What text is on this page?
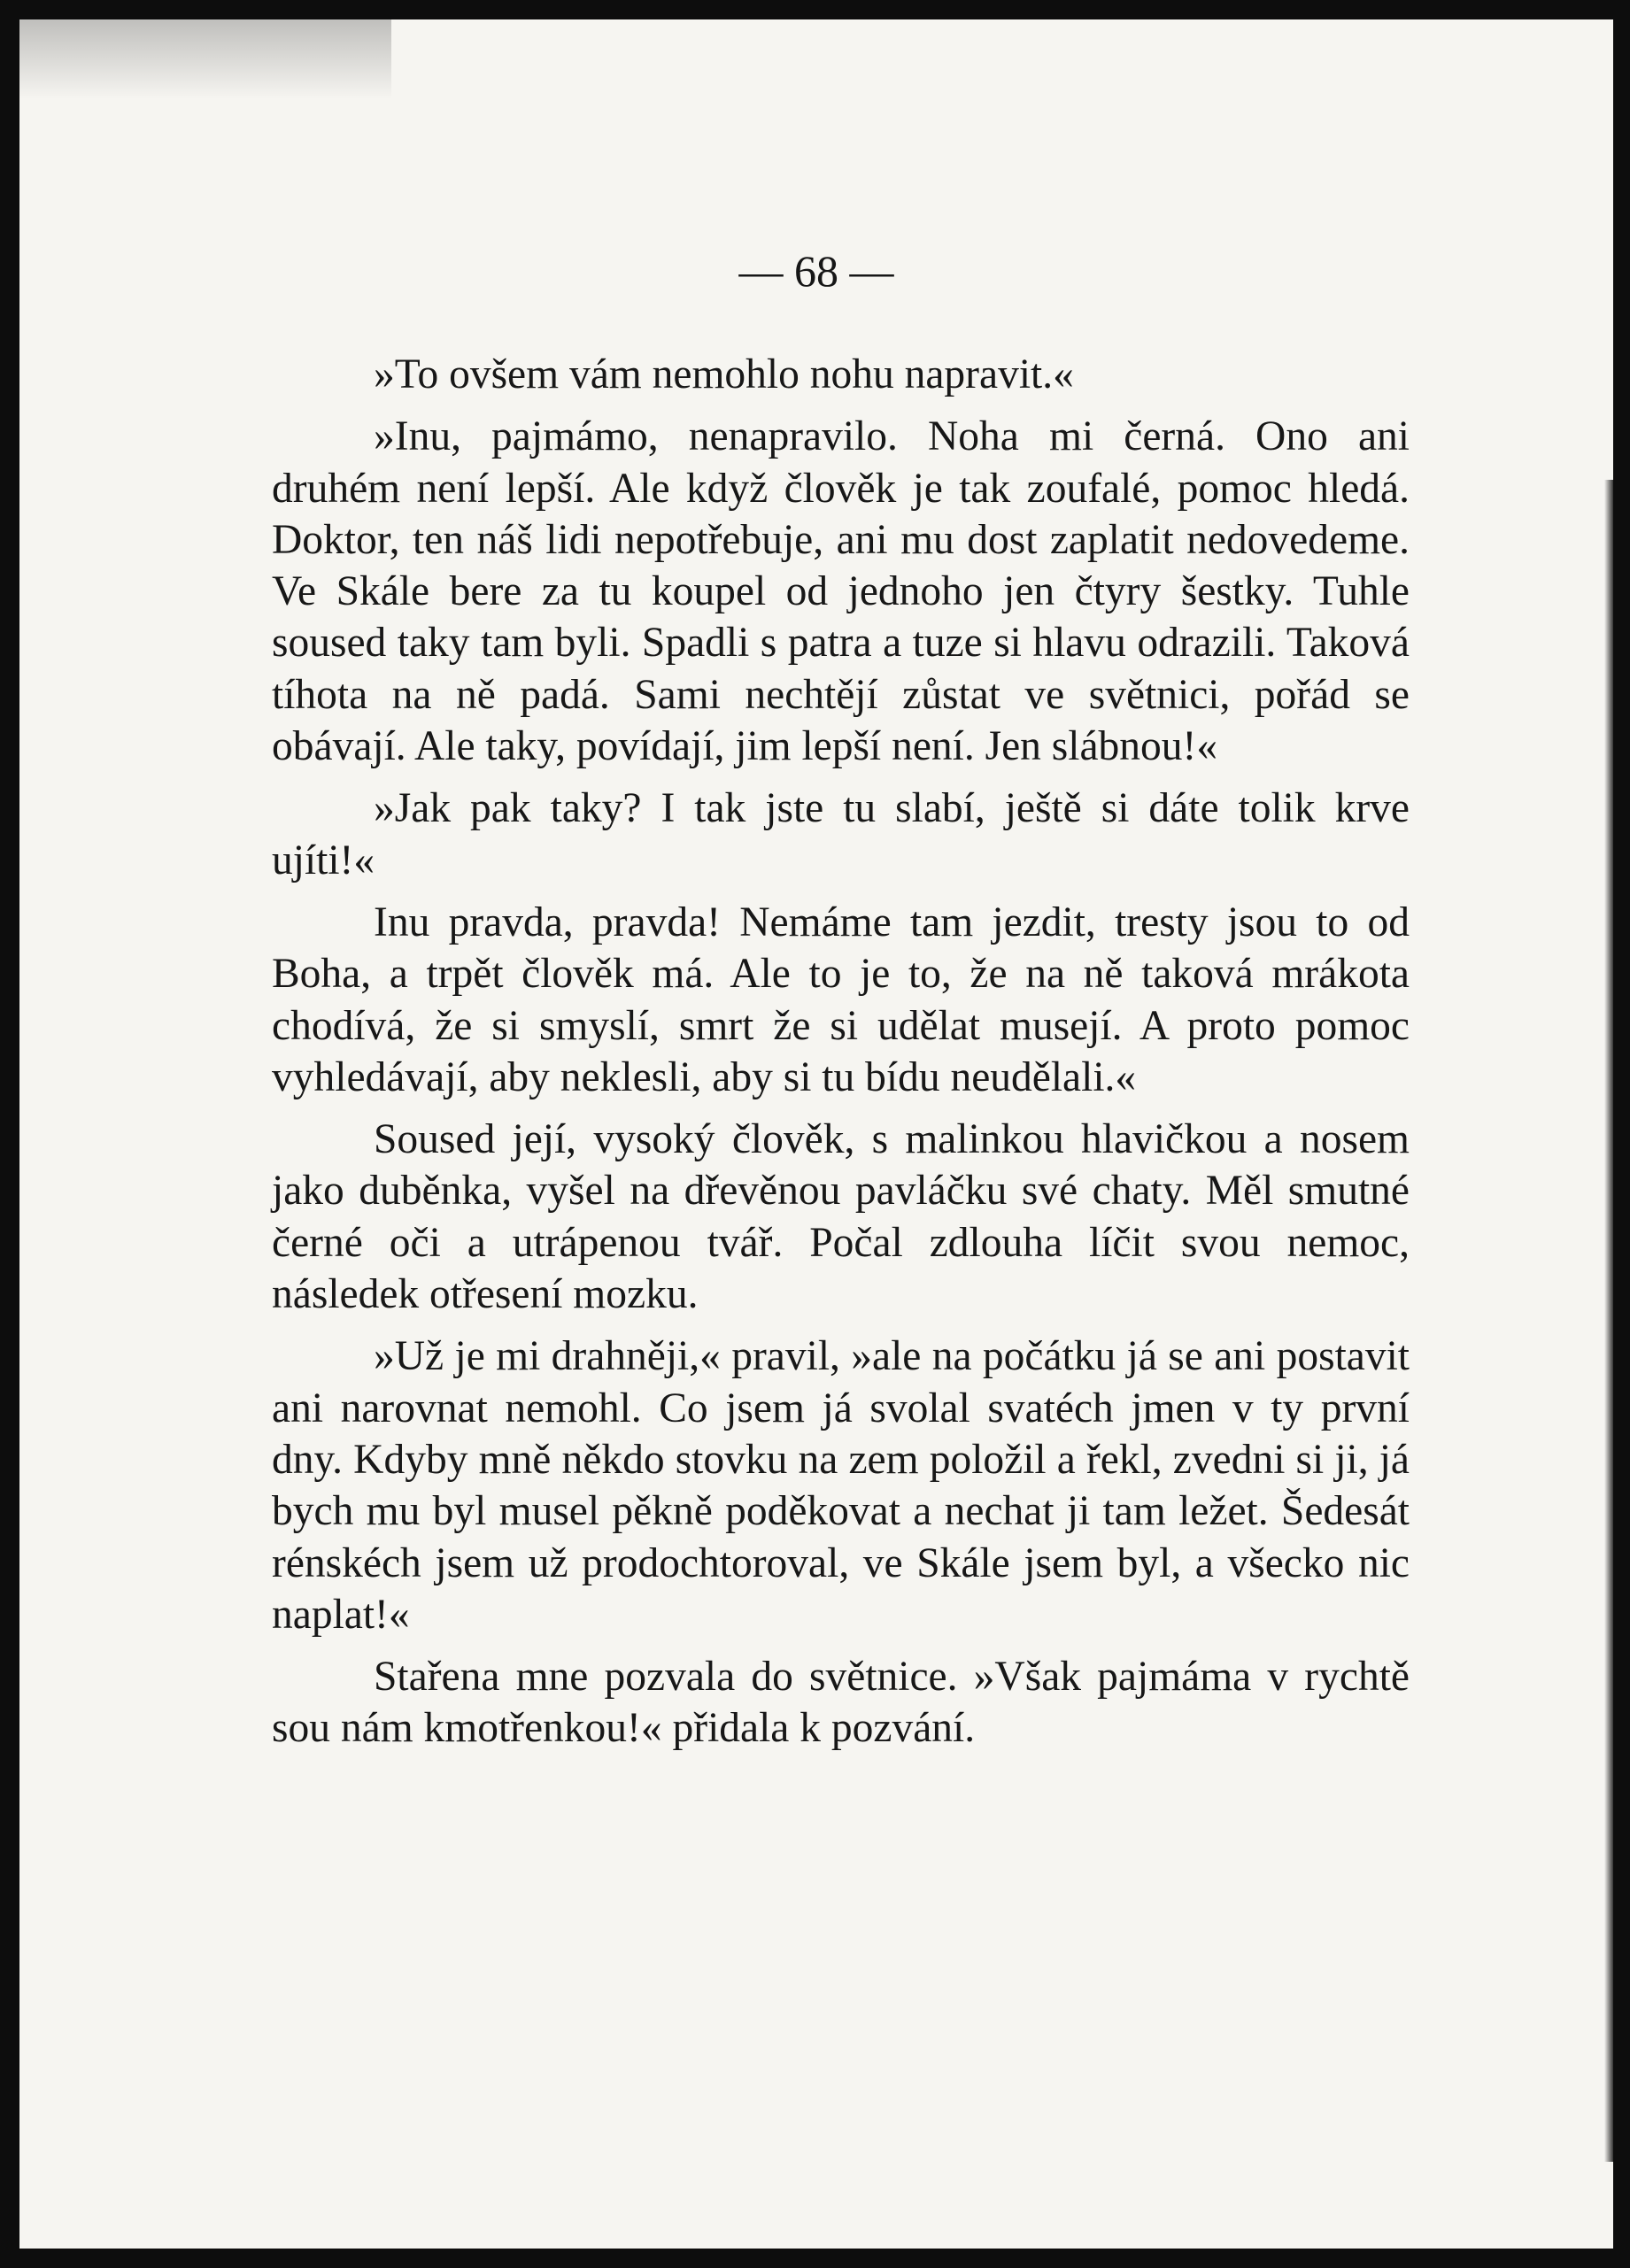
— 68 —

»To ovšem vám nemohlo nohu napravit.«

»Inu, pajmámo, nenapravilo. Noha mi černá. Ono ani druhém není lepší. Ale když člověk je tak zoufalé, pomoc hledá. Doktor, ten náš lidi nepotřebuje, ani mu dost zaplatit nedovedeme. Ve Skále bere za tu koupel od jednoho jen čtyry šestky. Tuhle soused taky tam byli. Spadli s patra a tuze si hlavu odrazili. Taková tíhota na ně padá. Sami nechtějí zůstat ve světnici, pořád se obávají. Ale taky, povídají, jim lepší není. Jen slábnou!«

»Jak pak taky? I tak jste tu slabí, ještě si dáte tolik krve ujíti!«

Inu pravda, pravda! Nemáme tam jezdit, tresty jsou to od Boha, a trpět člověk má. Ale to je to, že na ně taková mrákota chodívá, že si smyslí, smrt že si udělat musejí. A proto pomoc vyhledávají, aby neklesli, aby si tu bídu neudělali.«

Soused její, vysoký člověk, s malinkou hlavičkou a nosem jako duběnka, vyšel na dřevěnou pavláčku své chaty. Měl smutné černé oči a utrápenou tvář. Počal zdlouha líčit svou nemoc, následek otřesení mozku.

»Už je mi drahněji,« pravil, »ale na počátku já se ani postavit ani narovnat nemohl. Co jsem já svolal svatéch jmen v ty první dny. Kdyby mně někdo stovku na zem položil a řekl, zvedni si ji, já bych mu byl musel pěkně poděkovat a nechat ji tam ležet. Šedesát rénskéch jsem už prodochtoroval, ve Skále jsem byl, a všecko nic naplat!«

Stařena mne pozvala do světnice. »Však pajmáma v rychtě sou nám kmotřenkou!« přidala k pozvání.
